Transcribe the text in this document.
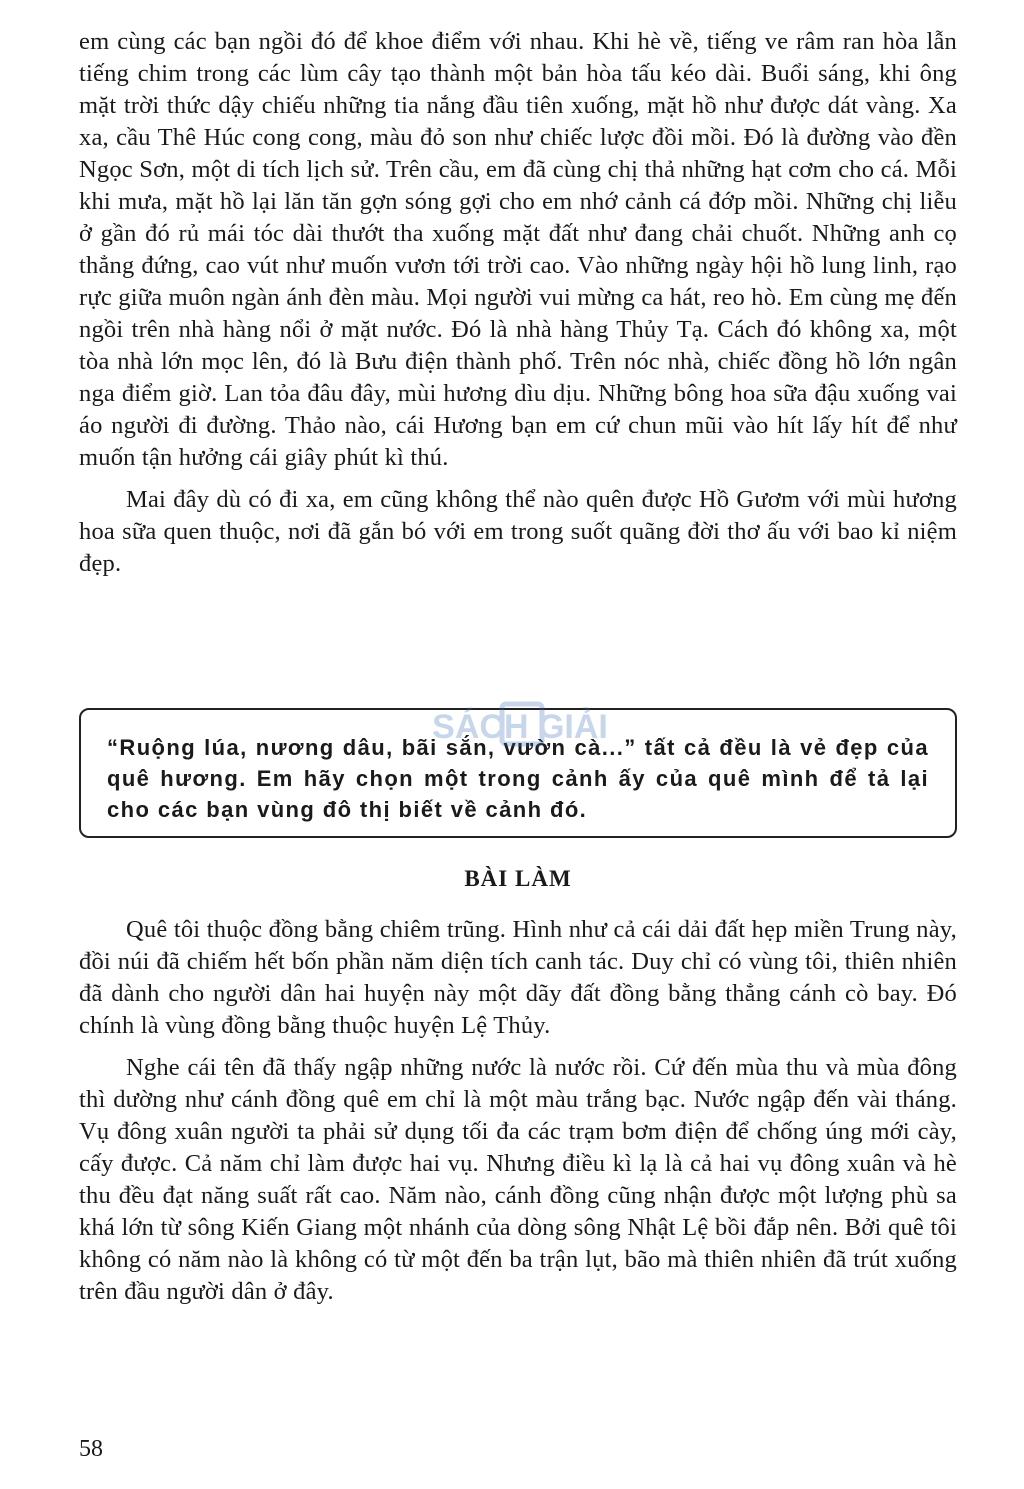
em cùng các bạn ngồi đó để khoe điểm với nhau. Khi hè về, tiếng ve râm ran hòa lẫn tiếng chim trong các lùm cây tạo thành một bản hòa tấu kéo dài. Buổi sáng, khi ông mặt trời thức dậy chiếu những tia nắng đầu tiên xuống, mặt hồ như được dát vàng. Xa xa, cầu Thê Húc cong cong, màu đỏ son như chiếc lược đồi mồi. Đó là đường vào đền Ngọc Sơn, một di tích lịch sử. Trên cầu, em đã cùng chị thả những hạt cơm cho cá. Mỗi khi mưa, mặt hồ lại lăn tăn gợn sóng gợi cho em nhớ cảnh cá đớp mồi. Những chị liễu ở gần đó rủ mái tóc dài thướt tha xuống mặt đất như đang chải chuốt. Những anh cọ thẳng đứng, cao vút như muốn vươn tới trời cao. Vào những ngày hội hồ lung linh, rạo rực giữa muôn ngàn ánh đèn màu. Mọi người vui mừng ca hát, reo hò. Em cùng mẹ đến ngồi trên nhà hàng nổi ở mặt nước. Đó là nhà hàng Thủy Tạ. Cách đó không xa, một tòa nhà lớn mọc lên, đó là Bưu điện thành phố. Trên nóc nhà, chiếc đồng hồ lớn ngân nga điểm giờ. Lan tỏa đâu đây, mùi hương dìu dịu. Những bông hoa sữa đậu xuống vai áo người đi đường. Thảo nào, cái Hương bạn em cứ chun mũi vào hít lấy hít để như muốn tận hưởng cái giây phút kì thú.

Mai đây dù có đi xa, em cũng không thể nào quên được Hồ Gươm với mùi hương hoa sữa quen thuộc, nơi đã gắn bó với em trong suốt quãng đời thơ ấu với bao kỉ niệm đẹp.

“Ruộng lúa, nương dâu, bãi sắn, vườn cà...” tất cả đều là vẻ đẹp của quê hương. Em hãy chọn một trong cảnh ấy của quê mình để tả lại cho các bạn vùng đô thị biết về cảnh đó.

SÁCH GIẢI
BÀI LÀM

Quê tôi thuộc đồng bằng chiêm trũng. Hình như cả cái dải đất hẹp miền Trung này, đồi núi đã chiếm hết bốn phần năm diện tích canh tác. Duy chỉ có vùng tôi, thiên nhiên đã dành cho người dân hai huyện này một dãy đất đồng bằng thẳng cánh cò bay. Đó chính là vùng đồng bằng thuộc huyện Lệ Thủy.

Nghe cái tên đã thấy ngập những nước là nước rồi. Cứ đến mùa thu và mùa đông thì dường như cánh đồng quê em chỉ là một màu trắng bạc. Nước ngập đến vài tháng. Vụ đông xuân người ta phải sử dụng tối đa các trạm bơm điện để chống úng mới cày, cấy được. Cả năm chỉ làm được hai vụ. Nhưng điều kì lạ là cả hai vụ đông xuân và hè thu đều đạt năng suất rất cao. Năm nào, cánh đồng cũng nhận được một lượng phù sa khá lớn từ sông Kiến Giang một nhánh của dòng sông Nhật Lệ bồi đắp nên. Bởi quê tôi không có năm nào là không có từ một đến ba trận lụt, bão mà thiên nhiên đã trút xuống trên đầu người dân ở đây.

58
